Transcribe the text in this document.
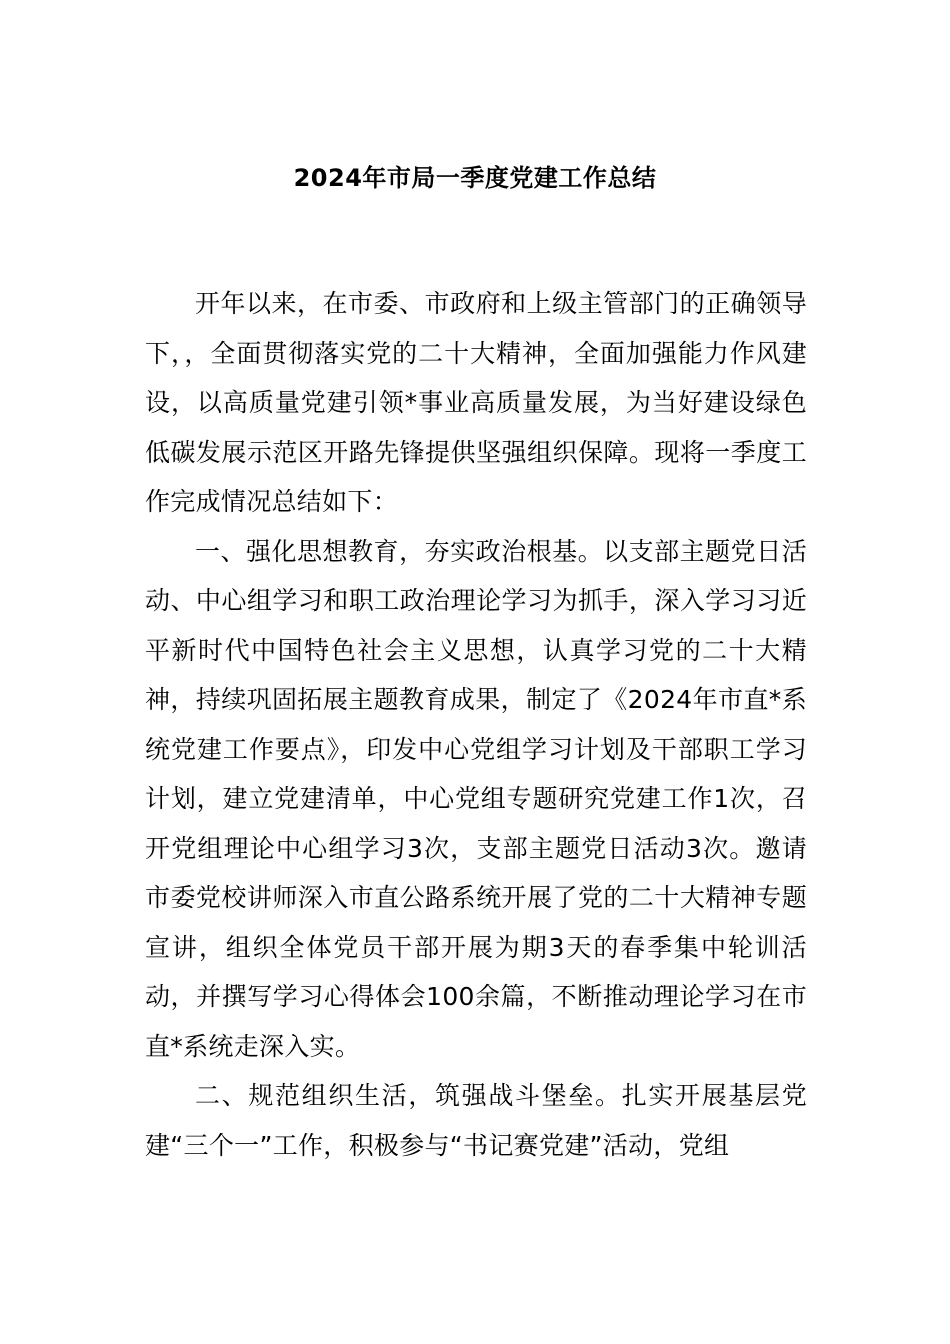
2024年市局一季度党建工作总结

开年以来，在市委、市政府和上级主管部门的正确领导下，，全面贯彻落实党的二十大精神，全面加强能力作风建设，以高质量党建引领*事业高质量发展，为当好建设绿色低碳发展示范区开路先锋提供坚强组织保障。现将一季度工作完成情况总结如下：

一、强化思想教育，夯实政治根基。以支部主题党日活动、中心组学习和职工政治理论学习为抓手，深入学习习近平新时代中国特色社会主义思想，认真学习党的二十大精神，持续巩固拓展主题教育成果，制定了《2024年市直*系统党建工作要点》，印发中心党组学习计划及干部职工学习计划，建立党建清单，中心党组专题研究党建工作1次，召开党组理论中心组学习3次，支部主题党日活动3次。邀请市委党校讲师深入市直公路系统开展了党的二十大精神专题宣讲，组织全体党员干部开展为期3天的春季集中轮训活动，并撰写学习心得体会100余篇，不断推动理论学习在市直*系统走深入实。

二、规范组织生活，筑强战斗堡垒。扎实开展基层党建“三个一”工作，积极参与“书记赛党建”活动，党组
